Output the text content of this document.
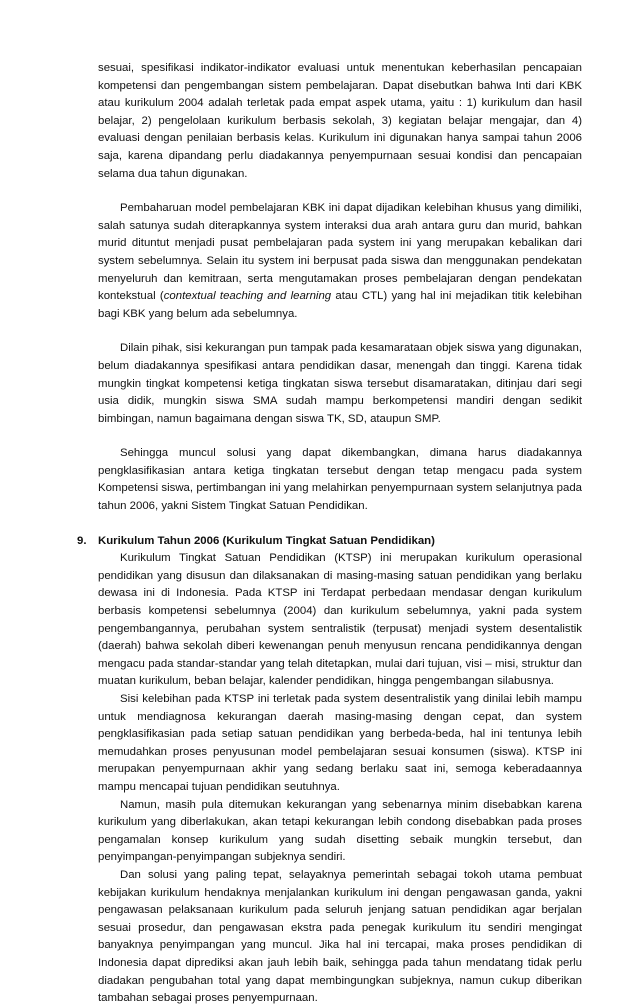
sesuai, spesifikasi indikator-indikator evaluasi untuk menentukan keberhasilan pencapaian kompetensi dan pengembangan sistem pembelajaran. Dapat disebutkan bahwa Inti dari KBK atau kurikulum 2004 adalah terletak pada empat aspek utama, yaitu : 1) kurikulum dan hasil belajar, 2) pengelolaan kurikulum berbasis sekolah, 3) kegiatan belajar mengajar, dan 4) evaluasi dengan penilaian berbasis kelas. Kurikulum ini digunakan hanya sampai tahun 2006 saja, karena dipandang perlu diadakannya penyempurnaan sesuai kondisi dan pencapaian selama dua tahun digunakan.

Pembaharuan model pembelajaran KBK ini dapat dijadikan kelebihan khusus yang dimiliki, salah satunya sudah diterapkannya system interaksi dua arah antara guru dan murid, bahkan murid dituntut menjadi pusat pembelajaran pada system ini yang merupakan kebalikan dari system sebelumnya. Selain itu system ini berpusat pada siswa dan menggunakan pendekatan menyeluruh dan kemitraan, serta mengutamakan proses pembelajaran dengan pendekatan kontekstual (contextual teaching and learning atau CTL) yang hal ini mejadikan titik kelebihan bagi KBK yang belum ada sebelumnya.

Dilain pihak, sisi kekurangan pun tampak pada kesamarataan objek siswa yang digunakan, belum diadakannya spesifikasi antara pendidikan dasar, menengah dan tinggi. Karena tidak mungkin tingkat kompetensi ketiga tingkatan siswa tersebut disamaratakan, ditinjau dari segi usia didik, mungkin siswa SMA sudah mampu berkompetensi mandiri dengan sedikit bimbingan, namun bagaimana dengan siswa TK, SD, ataupun SMP.

Sehingga muncul solusi yang dapat dikembangkan, dimana harus diadakannya pengklasifikasian antara ketiga tingkatan tersebut dengan tetap mengacu pada system Kompetensi siswa, pertimbangan ini yang melahirkan penyempurnaan system selanjutnya pada tahun 2006, yakni Sistem Tingkat Satuan Pendidikan.

9. Kurikulum Tahun 2006 (Kurikulum Tingkat Satuan Pendidikan)

Kurikulum Tingkat Satuan Pendidikan (KTSP) ini merupakan kurikulum operasional pendidikan yang disusun dan dilaksanakan di masing-masing satuan pendidikan yang berlaku dewasa ini di Indonesia. Pada KTSP ini Terdapat perbedaan mendasar dengan kurikulum berbasis kompetensi sebelumnya (2004) dan kurikulum sebelumnya, yakni pada system pengembangannya, perubahan system sentralistik (terpusat) menjadi system desentalistik (daerah) bahwa sekolah diberi kewenangan penuh menyusun rencana pendidikannya dengan mengacu pada standar-standar yang telah ditetapkan, mulai dari tujuan, visi – misi, struktur dan muatan kurikulum, beban belajar, kalender pendidikan, hingga pengembangan silabusnya.

Sisi kelebihan pada KTSP ini terletak pada system desentralistik yang dinilai lebih mampu untuk mendiagnosa kekurangan daerah masing-masing dengan cepat, dan system pengklasifikasian pada setiap satuan pendidikan yang berbeda-beda, hal ini tentunya lebih memudahkan proses penyusunan model pembelajaran sesuai konsumen (siswa). KTSP ini merupakan penyempurnaan akhir yang sedang berlaku saat ini, semoga keberadaannya mampu mencapai tujuan pendidikan seutuhnya.

Namun, masih pula ditemukan kekurangan yang sebenarnya minim disebabkan karena kurikulum yang diberlakukan, akan tetapi kekurangan lebih condong disebabkan pada proses pengamalan konsep kurikulum yang sudah disetting sebaik mungkin tersebut, dan penyimpangan-penyimpangan subjeknya sendiri.

Dan solusi yang paling tepat, selayaknya pemerintah sebagai tokoh utama pembuat kebijakan kurikulum hendaknya menjalankan kurikulum ini dengan pengawasan ganda, yakni pengawasan pelaksanaan kurikulum pada seluruh jenjang satuan pendidikan agar berjalan sesuai prosedur, dan pengawasan ekstra pada penegak kurikulum itu sendiri mengingat banyaknya penyimpangan yang muncul. Jika hal ini tercapai, maka proses pendidikan di Indonesia dapat diprediksi akan jauh lebih baik, sehingga pada tahun mendatang tidak perlu diadakan pengubahan total yang dapat membingungkan subjeknya, namun cukup diberikan tambahan sebagai proses penyempurnaan.
